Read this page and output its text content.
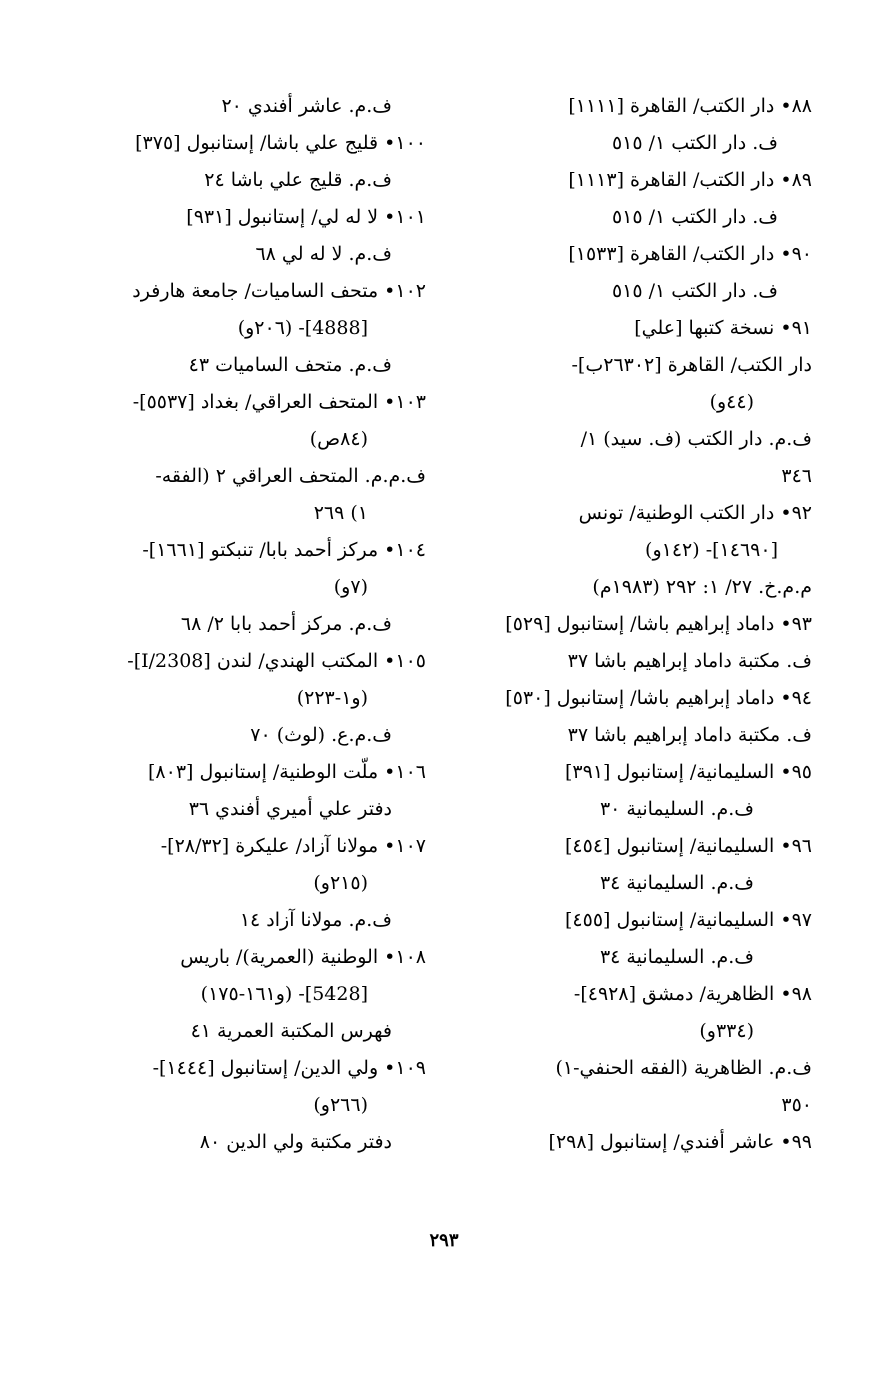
٨٨• دار الكتب/ القاهرة [١١١١]
ف. دار الكتب ١/ ٥١٥
٨٩• دار الكتب/ القاهرة [١١١٣]
ف. دار الكتب ١/ ٥١٥
٩٠• دار الكتب/ القاهرة [١٥٣٣]
ف. دار الكتب ١/ ٥١٥
٩١• نسخة كتبها [علي]
دار الكتب/ القاهرة [٢٦٣٠٢ب]-
(٤٤و)
ف.م. دار الكتب (ف. سيد) ١/
٣٤٦
٩٢• دار الكتب الوطنية/ تونس
[١٤٦٩٠]- (١٤٢و)
م.م.خ. ٢٧/ ١: ٢٩٢ (١٩٨٣م)
٩٣• داماد إبراهيم باشا/ إستانبول [٥٢٩]
ف. مكتبة داماد إبراهيم باشا ٣٧
٩٤• داماد إبراهيم باشا/ إستانبول [٥٣٠]
ف. مكتبة داماد إبراهيم باشا ٣٧
٩٥• السليمانية/ إستانبول [٣٩١]
ف.م. السليمانية ٣٠
٩٦• السليمانية/ إستانبول [٤٥٤]
ف.م. السليمانية ٣٤
٩٧• السليمانية/ إستانبول [٤٥٥]
ف.م. السليمانية ٣٤
٩٨• الظاهرية/ دمشق [٤٩٢٨]-
(٣٣٤و)
ف.م. الظاهرية (الفقه الحنفي-١)
٣٥٠
٩٩• عاشر أفندي/ إستانبول [٢٩٨]
ف.م. عاشر أفندي ٢٠
١٠٠• قليج علي باشا/ إستانبول [٣٧٥]
ف.م. قليج علي باشا ٢٤
١٠١• لا له لي/ إستانبول [٩٣١]
ف.م. لا له لي ٦٨
١٠٢• متحف الساميات/ جامعة هارفرد
[4888]- (٢٠٦و)
ف.م. متحف الساميات ٤٣
١٠٣• المتحف العراقي/ بغداد [٥٥٣٧]-
(٨٤ص)
ف.م.م. المتحف العراقي ٢ (الفقه-
١) ٢٦٩
١٠٤• مركز أحمد بابا/ تنبكتو [١٦٦١]-
(٧و)
ف.م. مركز أحمد بابا ٢/ ٦٨
١٠٥• المكتب الهندي/ لندن [2308/I]-
(و١-٢٢٣)
ف.م.ع. (لوث) ٧٠
١٠٦• ملّت الوطنية/ إستانبول [٨٠٣]
دفتر علي أميري أفندي ٣٦
١٠٧• مولانا آزاد/ عليكرة [٢٨/٣٢]-
(٢١٥و)
ف.م. مولانا آزاد ١٤
١٠٨• الوطنية (العمرية)/ باريس
[5428]- (و١٦١-١٧٥)
فهرس المكتبة العمرية ٤١
١٠٩• ولي الدين/ إستانبول [١٤٤٤]-
(٢٦٦و)
دفتر مكتبة ولي الدين ٨٠
٢٩٣
